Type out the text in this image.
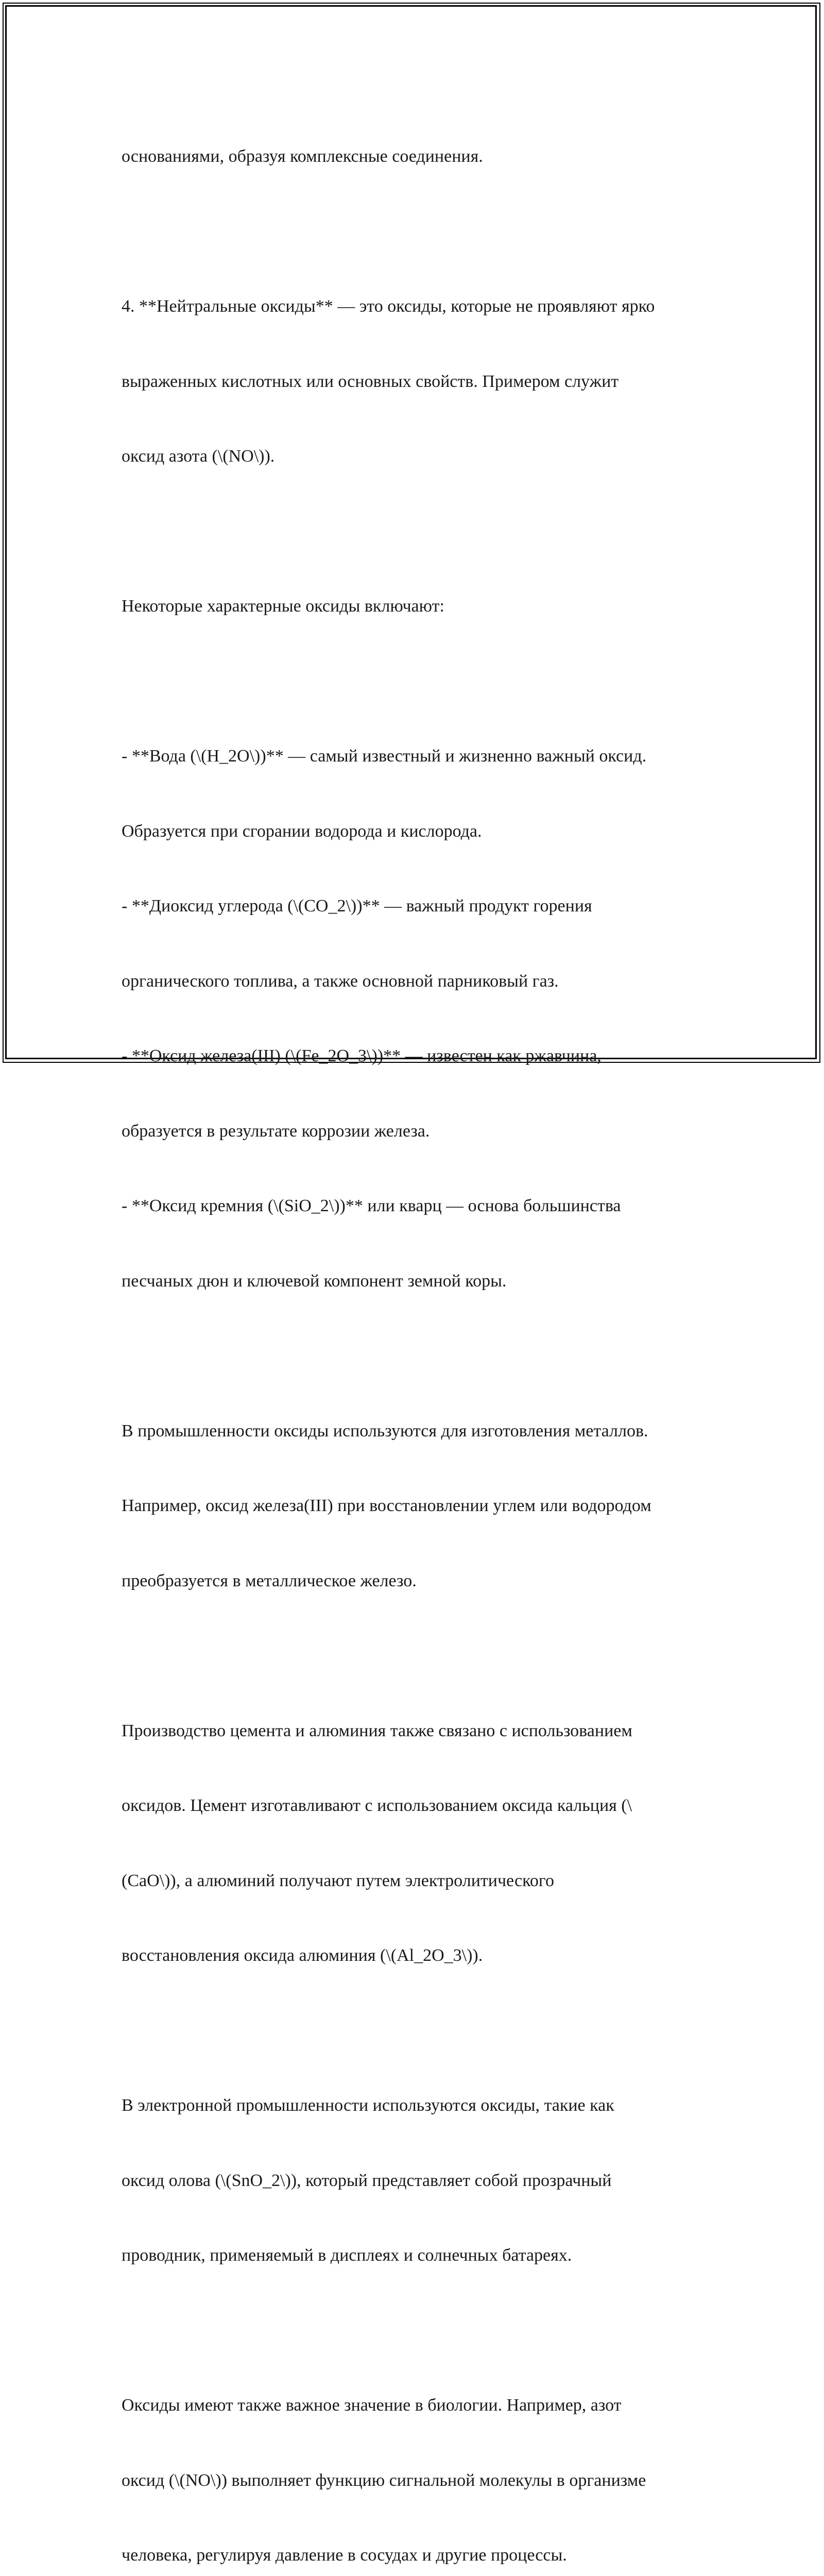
основаниями, образуя комплексные соединения.

4. **Нейтральные оксиды** — это оксиды, которые не проявляют ярко

выраженных кислотных или основных свойств. Примером служит

оксид азота (\(NO\)).

Некоторые характерные оксиды включают:

- **Вода (\(H_2O\))** — самый известный и жизненно важный оксид.

Образуется при сгорании водорода и кислорода.

- **Диоксид углерода (\(CO_2\))** — важный продукт горения

органического топлива, а также основной парниковый газ.

- **Оксид железа(III) (\(Fe_2O_3\))** — известен как ржавчина,

образуется в результате коррозии железа.

- **Оксид кремния (\(SiO_2\))** или кварц — основа большинства

песчаных дюн и ключевой компонент земной коры.

В промышленности оксиды используются для изготовления металлов.

Например, оксид железа(III) при восстановлении углем или водородом

преобразуется в металлическое железо.

Производство цемента и алюминия также связано с использованием

оксидов. Цемент изготавливают с использованием оксида кальция (\

(CaO\)), а алюминий получают путем электролитического

восстановления оксида алюминия (\(Al_2O_3\)).

В электронной промышленности используются оксиды, такие как

оксид олова (\(SnO_2\)), который представляет собой прозрачный

проводник, применяемый в дисплеях и солнечных батареях.

Оксиды имеют также важное значение в биологии. Например, азот

оксид (\(NO\)) выполняет функцию сигнальной молекулы в организме

человека, регулируя давление в сосудах и другие процессы.
